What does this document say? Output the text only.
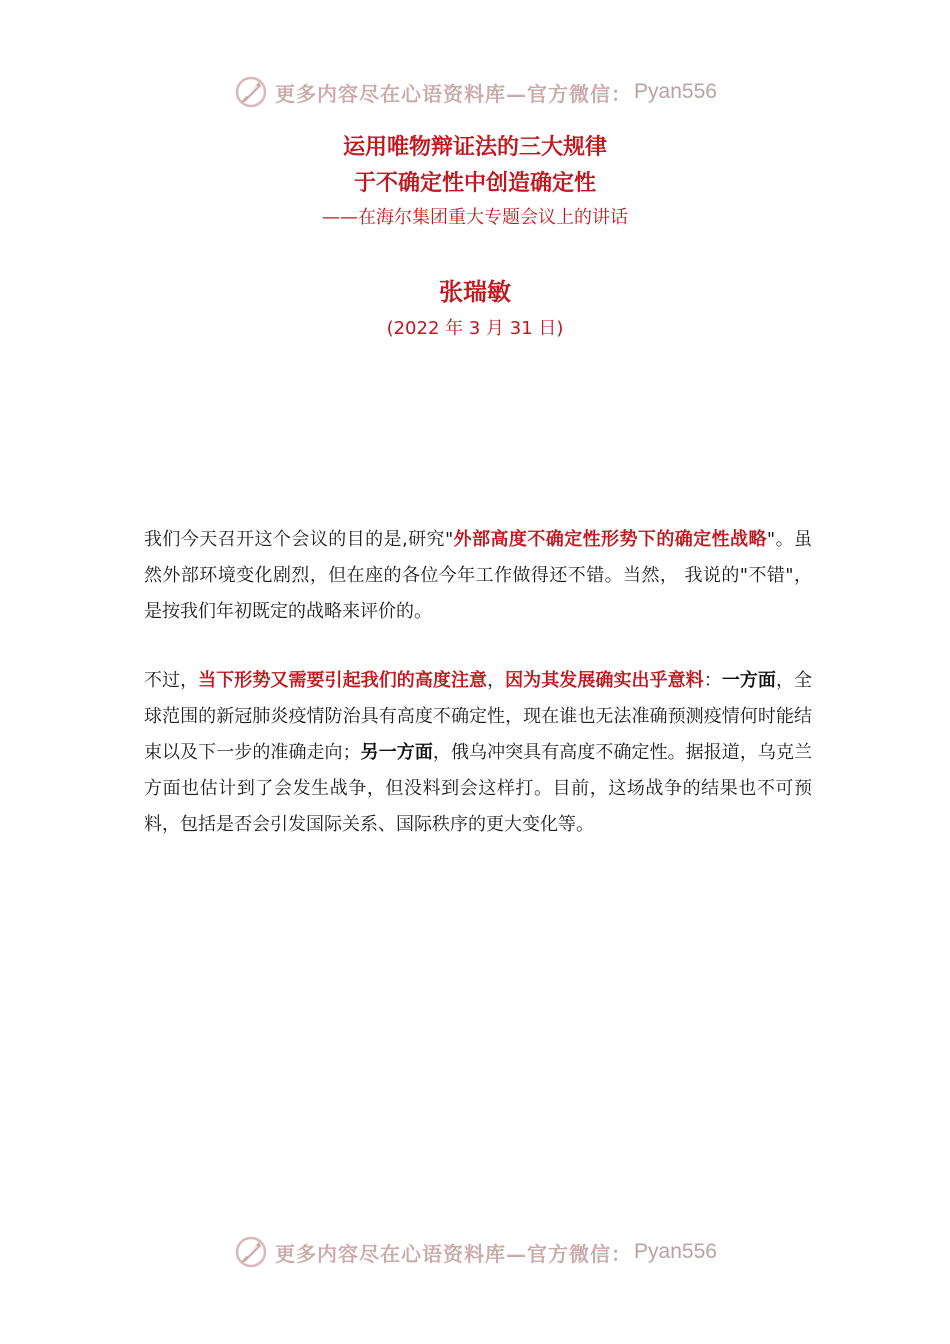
更多内容尽在心语资料库—官方微信： Pyan556
运用唯物辩证法的三大规律
于不确定性中创造确定性
——在海尔集团重大专题会议上的讲话
张瑞敏
(2022 年 3 月 31 日)
我们今天召开这个会议的目的是,研究"外部高度不确定性形势下的确定性战略"。虽然外部环境变化剧烈，但在座的各位今年工作做得还不错。当然， 我说的"不错"，是按我们年初既定的战略来评价的。
不过，当下形势又需要引起我们的高度注意，因为其发展确实出乎意料：一方面，全球范围的新冠肺炎疫情防治具有高度不确定性，现在谁也无法准确预测疫情何时能结束以及下一步的准确走向；另一方面，俄乌冲突具有高度不确定性。据报道，乌克兰方面也估计到了会发生战争，但没料到会这样打。目前，这场战争的结果也不可预料，包括是否会引发国际关系、国际秩序的更大变化等。
更多内容尽在心语资料库—官方微信： Pyan556
